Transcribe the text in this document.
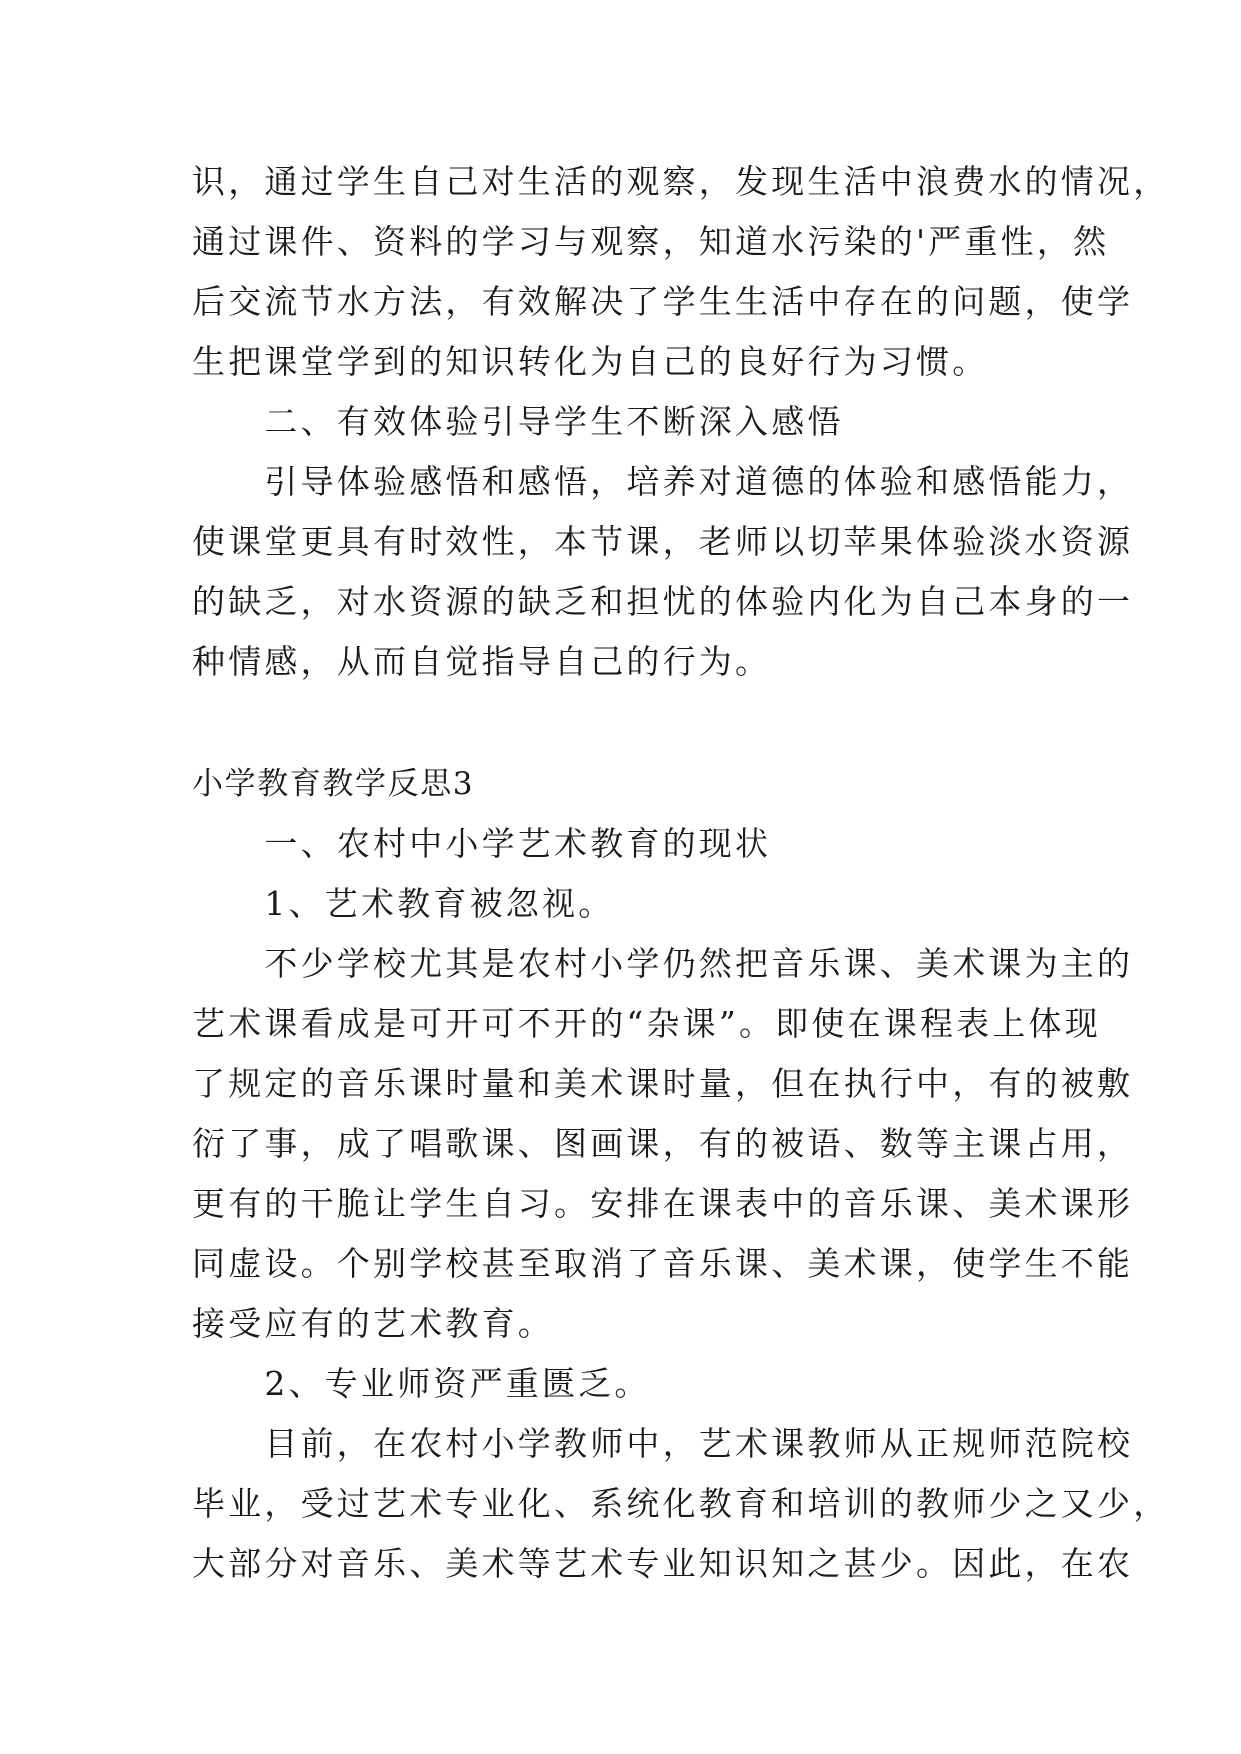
识，通过学生自己对生活的观察，发现生活中浪费水的情况，
通过课件、资料的学习与观察，知道水污染的'严重性，然
后交流节水方法，有效解决了学生生活中存在的问题，使学
生把课堂学到的知识转化为自己的良好行为习惯。
　　二、有效体验引导学生不断深入感悟
　　引导体验感悟和感悟，培养对道德的体验和感悟能力，
使课堂更具有时效性，本节课，老师以切苹果体验淡水资源
的缺乏，对水资源的缺乏和担忧的体验内化为自己本身的一
种情感，从而自觉指导自己的行为。
小学教育教学反思3
　　一、农村中小学艺术教育的现状
　　1、艺术教育被忽视。
　　不少学校尤其是农村小学仍然把音乐课、美术课为主的
艺术课看成是可开可不开的“杂课”。即使在课程表上体现
了规定的音乐课时量和美术课时量，但在执行中，有的被敷
衍了事，成了唱歌课、图画课，有的被语、数等主课占用，
更有的干脆让学生自习。安排在课表中的音乐课、美术课形
同虚设。个别学校甚至取消了音乐课、美术课，使学生不能
接受应有的艺术教育。
　　2、专业师资严重匮乏。
　　目前，在农村小学教师中，艺术课教师从正规师范院校
毕业，受过艺术专业化、系统化教育和培训的教师少之又少，
大部分对音乐、美术等艺术专业知识知之甚少。因此，在农
